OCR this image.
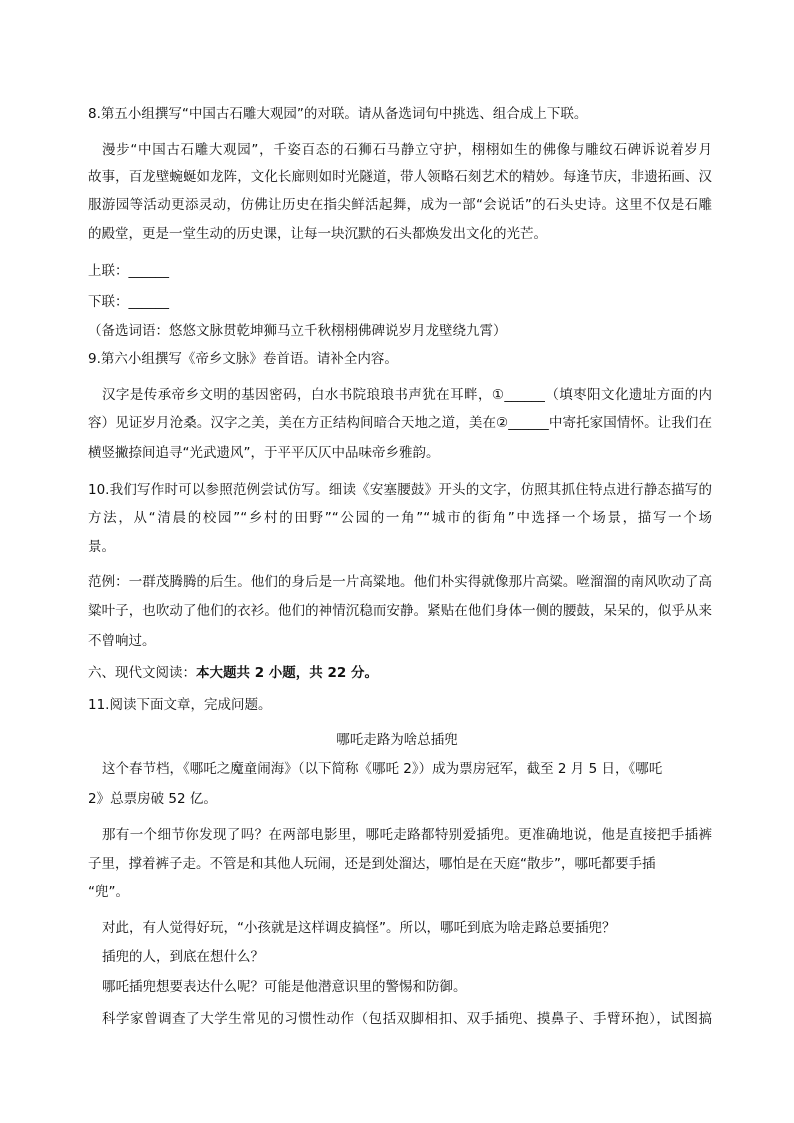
8.第五小组撰写“中国古石雕大观园”的对联。请从备选词句中挑选、组合成上下联。
漫步“中国古石雕大观园”，千姿百态的石狮石马静立守护，栩栩如生的佛像与雕纹石碑诉说着岁月
故事，百龙壁蜿蜒如龙阵，文化长廊则如时光隧道，带人领略石刻艺术的精妙。每逢节庆，非遗拓画、汉
服游园等活动更添灵动，仿佛让历史在指尖鲜活起舞，成为一部“会说话”的石头史诗。这里不仅是石雕
的殿堂，更是一堂生动的历史课，让每一块沉默的石头都焕发出文化的光芒。
上联：______
下联：______
（备选词语：悠悠文脉贯乾坤狮马立千秋栩栩佛碑说岁月龙壁绕九霄）
9.第六小组撰写《帝乡文脉》卷首语。请补全内容。
汉字是传承帝乡文明的基因密码，白水书院琅琅书声犹在耳畔，①______（填枣阳文化遗址方面的内
容）见证岁月沧桑。汉字之美，美在方正结构间暗合天地之道，美在②______中寄托家国情怀。让我们在
横竖撇捺间追寻“光武遗风”，于平平仄仄中品味帝乡雅韵。
10.我们写作时可以参照范例尝试仿写。细读《安塞腰鼓》开头的文字，仿照其抓住特点进行静态描写的
方法，从“清晨的校园”“乡村的田野”“公园的一角”“城市的街角”中选择一个场景，描写一个场
景。
范例：一群茂腾腾的后生。他们的身后是一片高粱地。他们朴实得就像那片高粱。咝溜溜的南风吹动了高
粱叶子，也吹动了他们的衣衫。他们的神情沉稳而安静。紧贴在他们身体一侧的腰鼓，呆呆的，似乎从来
不曾响过。
六、现代文阅读：本大题共 2 小题，共 22 分。
11.阅读下面文章，完成问题。
哪吒走路为啥总插兜
这个春节档，《哪吒之魔童闹海》（以下简称《哪吒 2》）成为票房冠军，截至 2 月 5 日，《哪吒
2》总票房破 52 亿。
那有一个细节你发现了吗？在两部电影里，哪吒走路都特别爱插兜。更准确地说，他是直接把手插裤
子里，撑着裤子走。不管是和其他人玩闹，还是到处溜达，哪怕是在天庭“散步”，哪吒都要手插
“兜”。
对此，有人觉得好玩，“小孩就是这样调皮搞怪”。所以，哪吒到底为啥走路总要插兜？
插兜的人，到底在想什么？
哪吒插兜想要表达什么呢？可能是他潜意识里的警惕和防御。
科学家曾调查了大学生常见的习惯性动作（包括双脚相扣、双手插兜、摸鼻子、手臂环抱），试图搞
